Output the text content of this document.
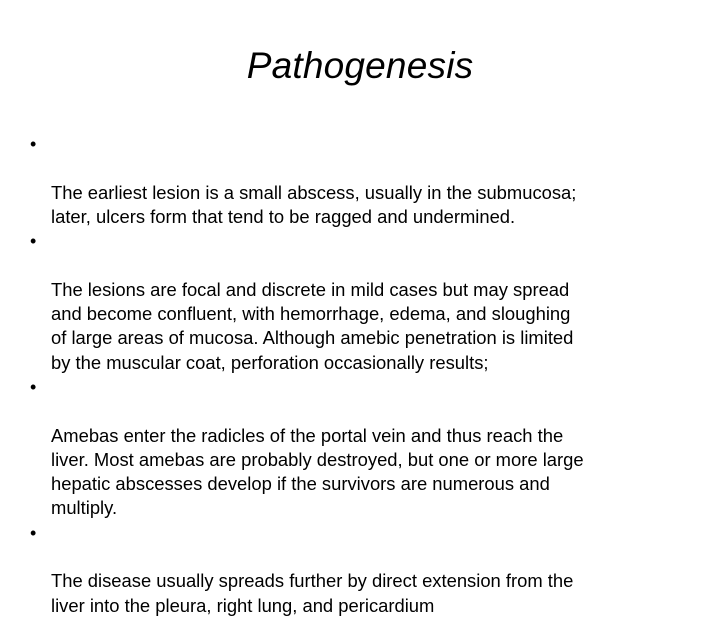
Pathogenesis

•

The earliest lesion is a small abscess, usually in the submucosa;
later, ulcers form that tend to be ragged and undermined.

•

The lesions are focal and discrete in mild cases but may spread
and become confluent, with hemorrhage, edema, and sloughing
of large areas of mucosa. Although amebic penetration is limited
by the muscular coat, perforation occasionally results;

•

Amebas enter the radicles of the portal vein and thus reach the
liver. Most amebas are probably destroyed, but one or more large
hepatic abscesses develop if the survivors are numerous and
multiply.

•

The disease usually spreads further by direct extension from the
liver into the pleura, right lung, and pericardium
